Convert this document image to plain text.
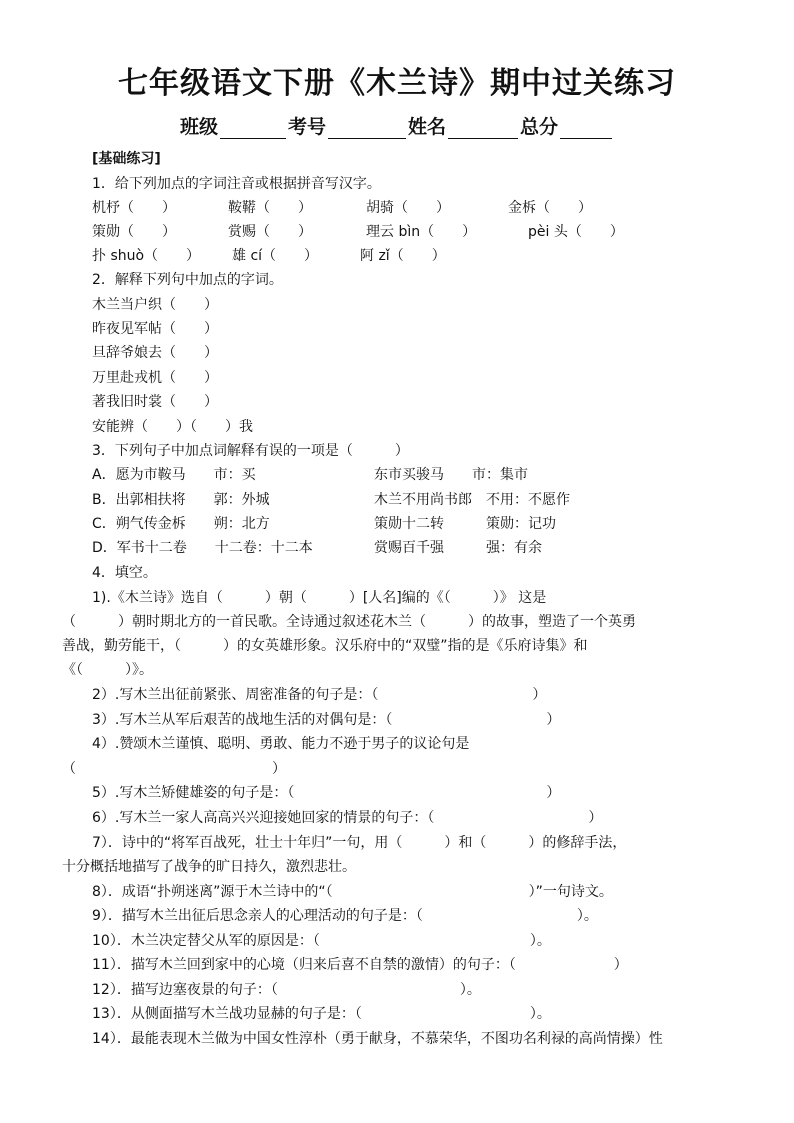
七年级语文下册《木兰诗》期中过关练习
班级	考号	姓名	总分
[基础练习]
1．给下列加点的字词注音或根据拼音写汉字。
机杼（　　）	鞍鞯（　　）	胡骑（　　）	金柝（　　）
策勋（　　）	赏赐（　　）	理云 bìn（　　）	pèi 头（　　）
扑 shuò（　　） 雄 cí（　　）	阿 zǐ（　　）
2．解释下列句中加点的字词。
木兰当户织（　　）
昨夜见军帖（　　）
旦辞爷娘去（　　）
万里赴戎机（　　）
著我旧时裳（　　）
安能辨（　　）（　　）我
3．下列句子中加点词解释有误的一项是（　　　）
A．愿为市鞍马　　市：买	东市买骏马　　市：集市
B．出郭相扶将　　郭：外城	木兰不用尚书郎　不用：不愿作
C．朔气传金柝　　朔：北方	策勋十二转　　　策勋：记功
D．军书十二卷　　十二卷：十二本	赏赐百千强　　　强：有余
4．填空。
1).《木兰诗》选自（　　　）朝（　　　）[人名]编的《（　　　）》 这是
（　　　）朝时期北方的一首民歌。全诗通过叙述花木兰（　　　）的故事，塑造了一个英勇
善战，勤劳能干，（　　　）的女英雄形象。汉乐府中的“双璧”指的是《乐府诗集》和
《（　　　）》。
2）.写木兰出征前紧张、周密准备的句子是：（　　　　　　　　　　　）
3）.写木兰从军后艰苦的战地生活的对偶句是：（　　　　　　　　　　　）
4）.赞颂木兰谨慎、聪明、勇敢、能力不逊于男子的议论句是
（　　　　　　　　　　　　　　）
5）.写木兰矫健雄姿的句子是：（　　　　　　　　　　　　　　　　　　）
6）.写木兰一家人高高兴兴迎接她回家的情景的句子：（　　　　　　　　　　　）
7）．诗中的“将军百战死，壮士十年归”一句，用（　　　）和（　　　）的修辞手法，
十分概括地描写了战争的旷日持久，激烈悲壮。
8）．成语“扑朔迷离”源于木兰诗中的“（　　　　　　　　　　　　　　）”一句诗文。
9）．描写木兰出征后思念亲人的心理活动的句子是：（　　　　　　　　　　　）。
10）．木兰决定替父从军的原因是：（　　　　　　　　　　　　　　　）。
11）．描写木兰回到家中的心境（归来后喜不自禁的激情）的句子：（　　　　　　　）
12）．描写边塞夜景的句子：（　　　　　　　　　　　　　）。
13）．从侧面描写木兰战功显赫的句子是：（　　　　　　　　　　　　）。
14）．最能表现木兰做为中国女性淳朴（勇于献身，不慕荣华，不图功名利禄的高尚情操）性
